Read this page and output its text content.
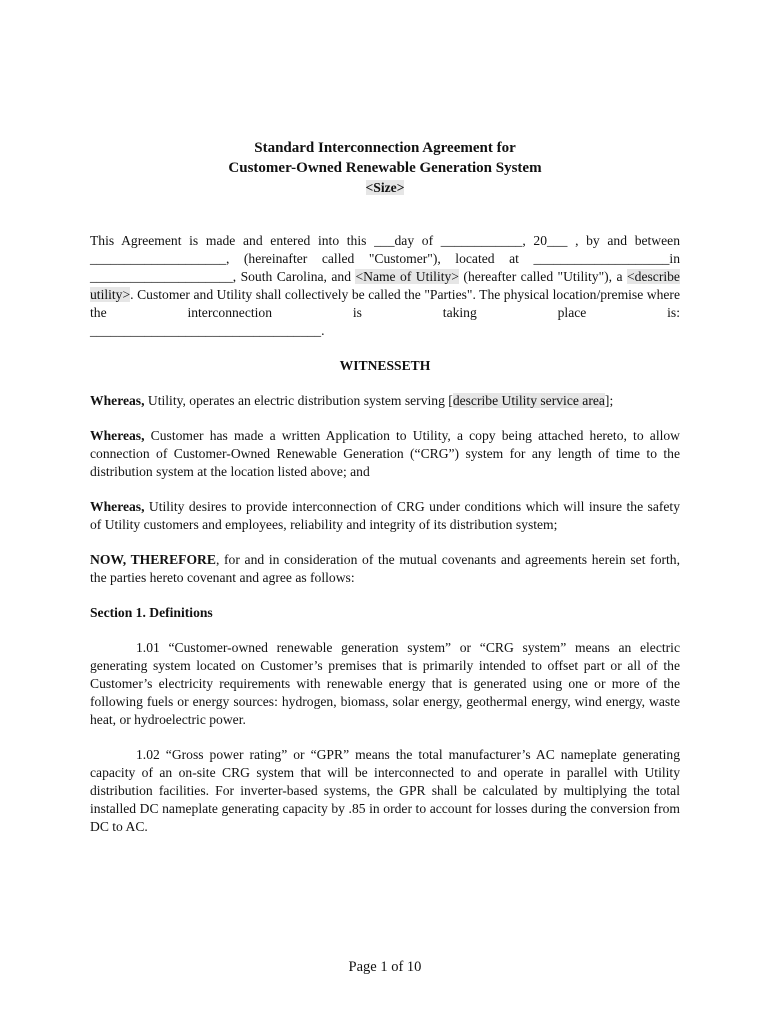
Standard Interconnection Agreement for
Customer-Owned Renewable Generation System
<Size>

This Agreement is made and entered into this ___day of ____________, 20___ , by and between ____________________, (hereinafter called "Customer"), located at ____________________in _____________________, South Carolina, and <Name of Utility> (hereafter called "Utility"), a <describe utility>. Customer and Utility shall collectively be called the "Parties". The physical location/premise where the interconnection is taking place is:

__________________________________.

WITNESSETH

Whereas, Utility, operates an electric distribution system serving [describe Utility service area];

Whereas, Customer has made a written Application to Utility, a copy being attached hereto, to allow connection of Customer-Owned Renewable Generation (“CRG”) system for any length of time to the distribution system at the location listed above; and

Whereas, Utility desires to provide interconnection of CRG under conditions which will insure the safety of Utility customers and employees, reliability and integrity of its distribution system;

NOW, THEREFORE, for and in consideration of the mutual covenants and agreements herein set forth, the parties hereto covenant and agree as follows:

Section 1. Definitions

1.01 “Customer-owned renewable generation system” or “CRG system” means an electric generating system located on Customer’s premises that is primarily intended to offset part or all of the Customer’s electricity requirements with renewable energy that is generated using one or more of the following fuels or energy sources: hydrogen, biomass, solar energy, geothermal energy, wind energy, waste heat, or hydroelectric power.

1.02 “Gross power rating” or “GPR” means the total manufacturer’s AC nameplate generating capacity of an on-site CRG system that will be interconnected to and operate in parallel with Utility distribution facilities. For inverter-based systems, the GPR shall be calculated by multiplying the total installed DC nameplate generating capacity by .85 in order to account for losses during the conversion from DC to AC.

Page 1 of 10
